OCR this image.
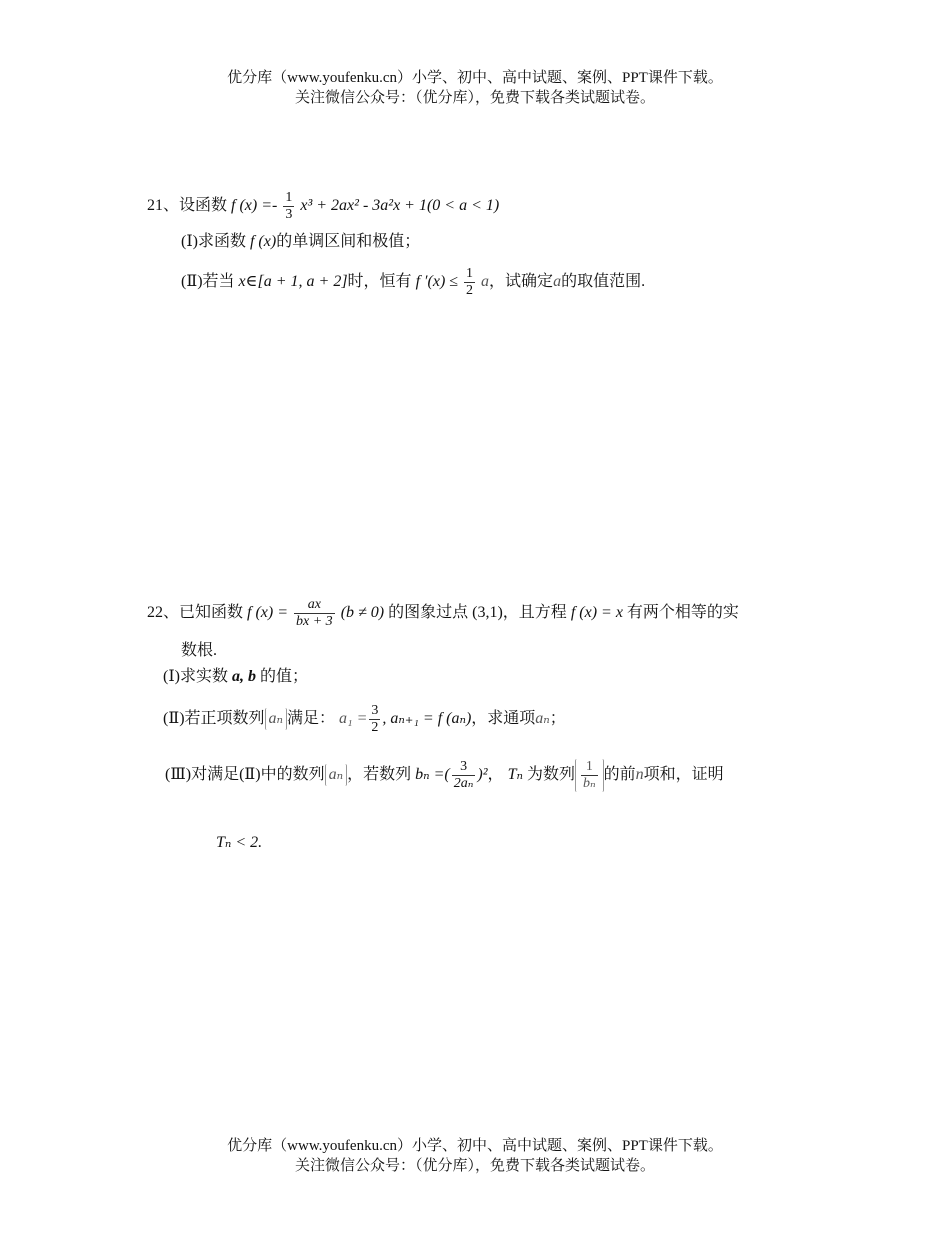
优分库（www.youfenku.cn）小学、初中、高中试题、案例、PPT课件下载。
关注微信公众号：（优分库），免费下载各类试题试卷。
21、设函数 f $(x) =- \frac{1}{3} x^3 + 2ax^2 - 3a^2x + 1(0 < a < 1)$
(Ⅰ)求函数 f (x)的单调区间和极值；
(Ⅱ)若当 x∈[a + 1, a + 2]时，恒有 f $'(x) \le \frac{1}{2}$ a，试确定a的取值范围.
22、已知函数 f $(x) = \frac{ax}{bx + 3} (b \ne 0)$ 的图象过点 (3,1)，且方程 f (x) = x 有两个相等的实
数根.
(Ⅰ)求实数 a, b 的值；
(Ⅱ)若正项数列 aₙ 满足： $a_1 = \frac{3}{2}$ , aₙ₊₁ = f (aₙ)，求通项aₙ；
(Ⅲ)对满足(Ⅱ)中的数列 aₙ ，若数列 bₙ =( $\frac{3}{\text{2aₙ}} )^2$， Tₙ 为数列 $\frac{1}{\text{bₙ}}$ 的前n项和，证明
Tₙ < 2.
优分库（www.youfenku.cn）小学、初中、高中试题、案例、PPT课件下载。
关注微信公众号：（优分库），免费下载各类试题试卷。
